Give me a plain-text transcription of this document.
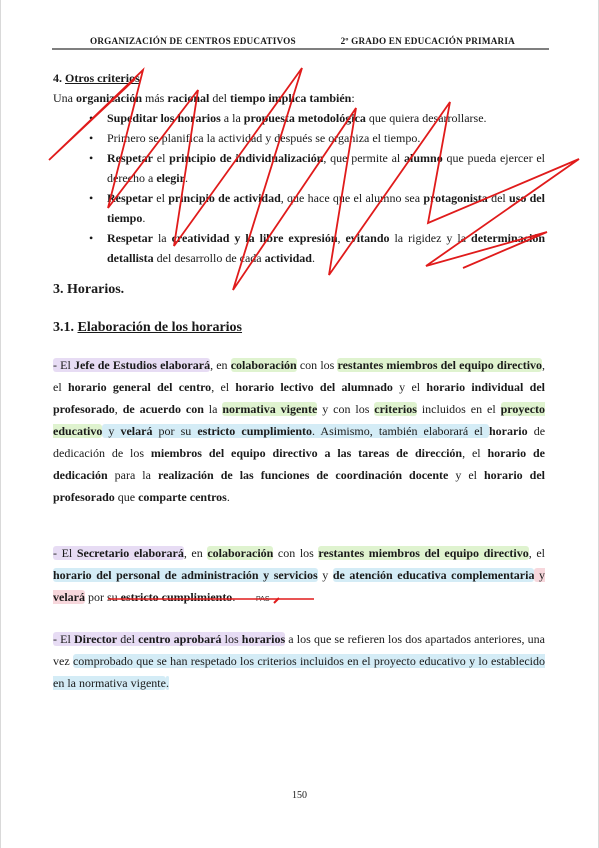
ORGANIZACIÓN DE CENTROS EDUCATIVOS	2º GRADO EN EDUCACIÓN PRIMARIA

4. Otros criterios

Una organización más racional del tiempo implica también:

• Supeditar los horarios a la propuesta metodológica que quiera desarrollarse.
• Primero se planifica la actividad y después se organiza el tiempo.
• Respetar el principio de individualización, que permite al alumno que pueda ejercer el derecho a elegir.
• Respetar el principio de actividad, que hace que el alumno sea protagonista del uso del tiempo.
• Respetar la creatividad y la libre expresión, evitando la rigidez y la determinación detallista del desarrollo de cada actividad.

3. Horarios.

3.1. Elaboración de los horarios

- El Jefe de Estudios elaborará, en colaboración con los restantes miembros del equipo directivo, el horario general del centro, el horario lectivo del alumnado y el horario individual del profesorado, de acuerdo con la normativa vigente y con los criterios incluidos en el proyecto educativo y velará por su estricto cumplimiento. Asimismo, también elaborará el horario de dedicación de los miembros del equipo directivo a las tareas de dirección, el horario de dedicación para la realización de las funciones de coordinación docente y el horario del profesorado que comparte centros.

- El Secretario elaborará, en colaboración con los restantes miembros del equipo directivo, el horario del personal de administración y servicios y de atención educativa complementaria y velará por su estricto cumplimiento.

- El Director del centro aprobará los horarios a los que se refieren los dos apartados anteriores, una vez comprobado que se han respetado los criterios incluidos en el proyecto educativo y lo establecido en la normativa vigente.

PAS
150
